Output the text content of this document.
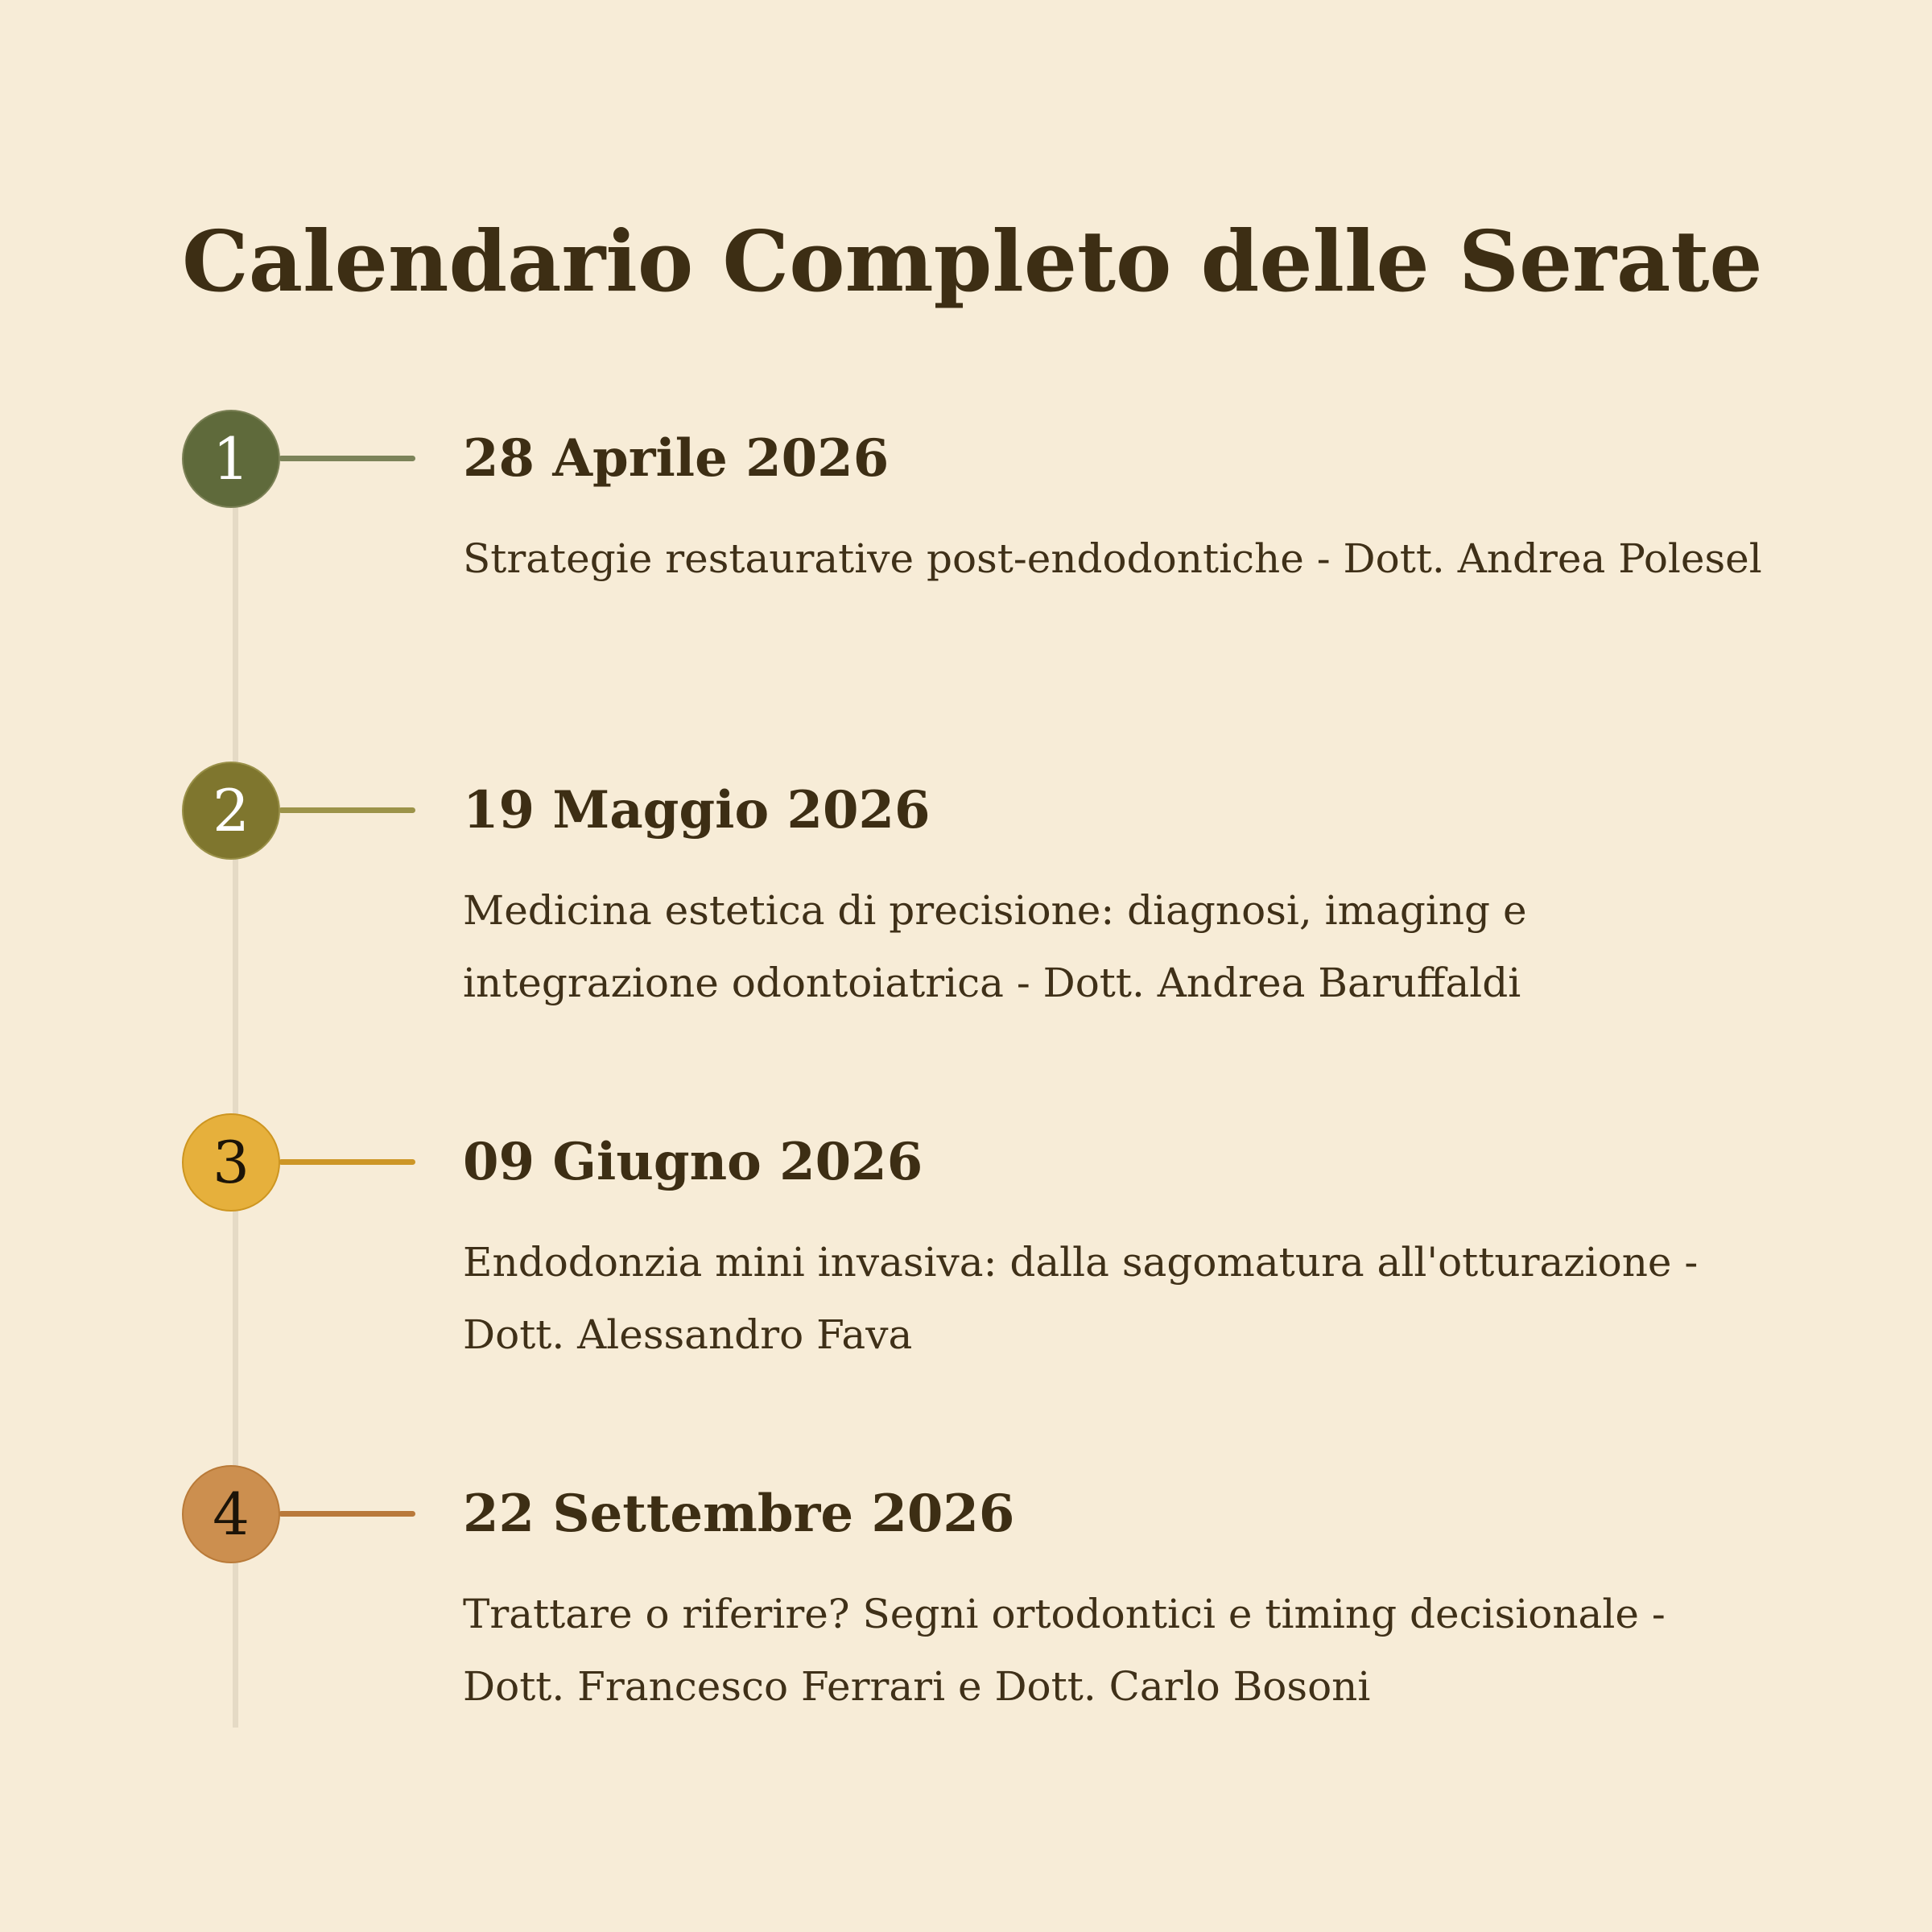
Calendario Completo delle Serate
1	28 Aprile 2026

Strategie restaurative post-endodontiche - Dott. Andrea Polesel

2	19 Maggio 2026

Medicina estetica di precisione: diagnosi, imaging e integrazione odontoiatrica - Dott. Andrea Baruffaldi

3	09 Giugno 2026

Endodonzia mini invasiva: dalla sagomatura all'otturazione - Dott. Alessandro Fava

4	22 Settembre 2026

Trattare o riferire? Segni ortodontici e timing decisionale - Dott. Francesco Ferrari e Dott. Carlo Bosoni
